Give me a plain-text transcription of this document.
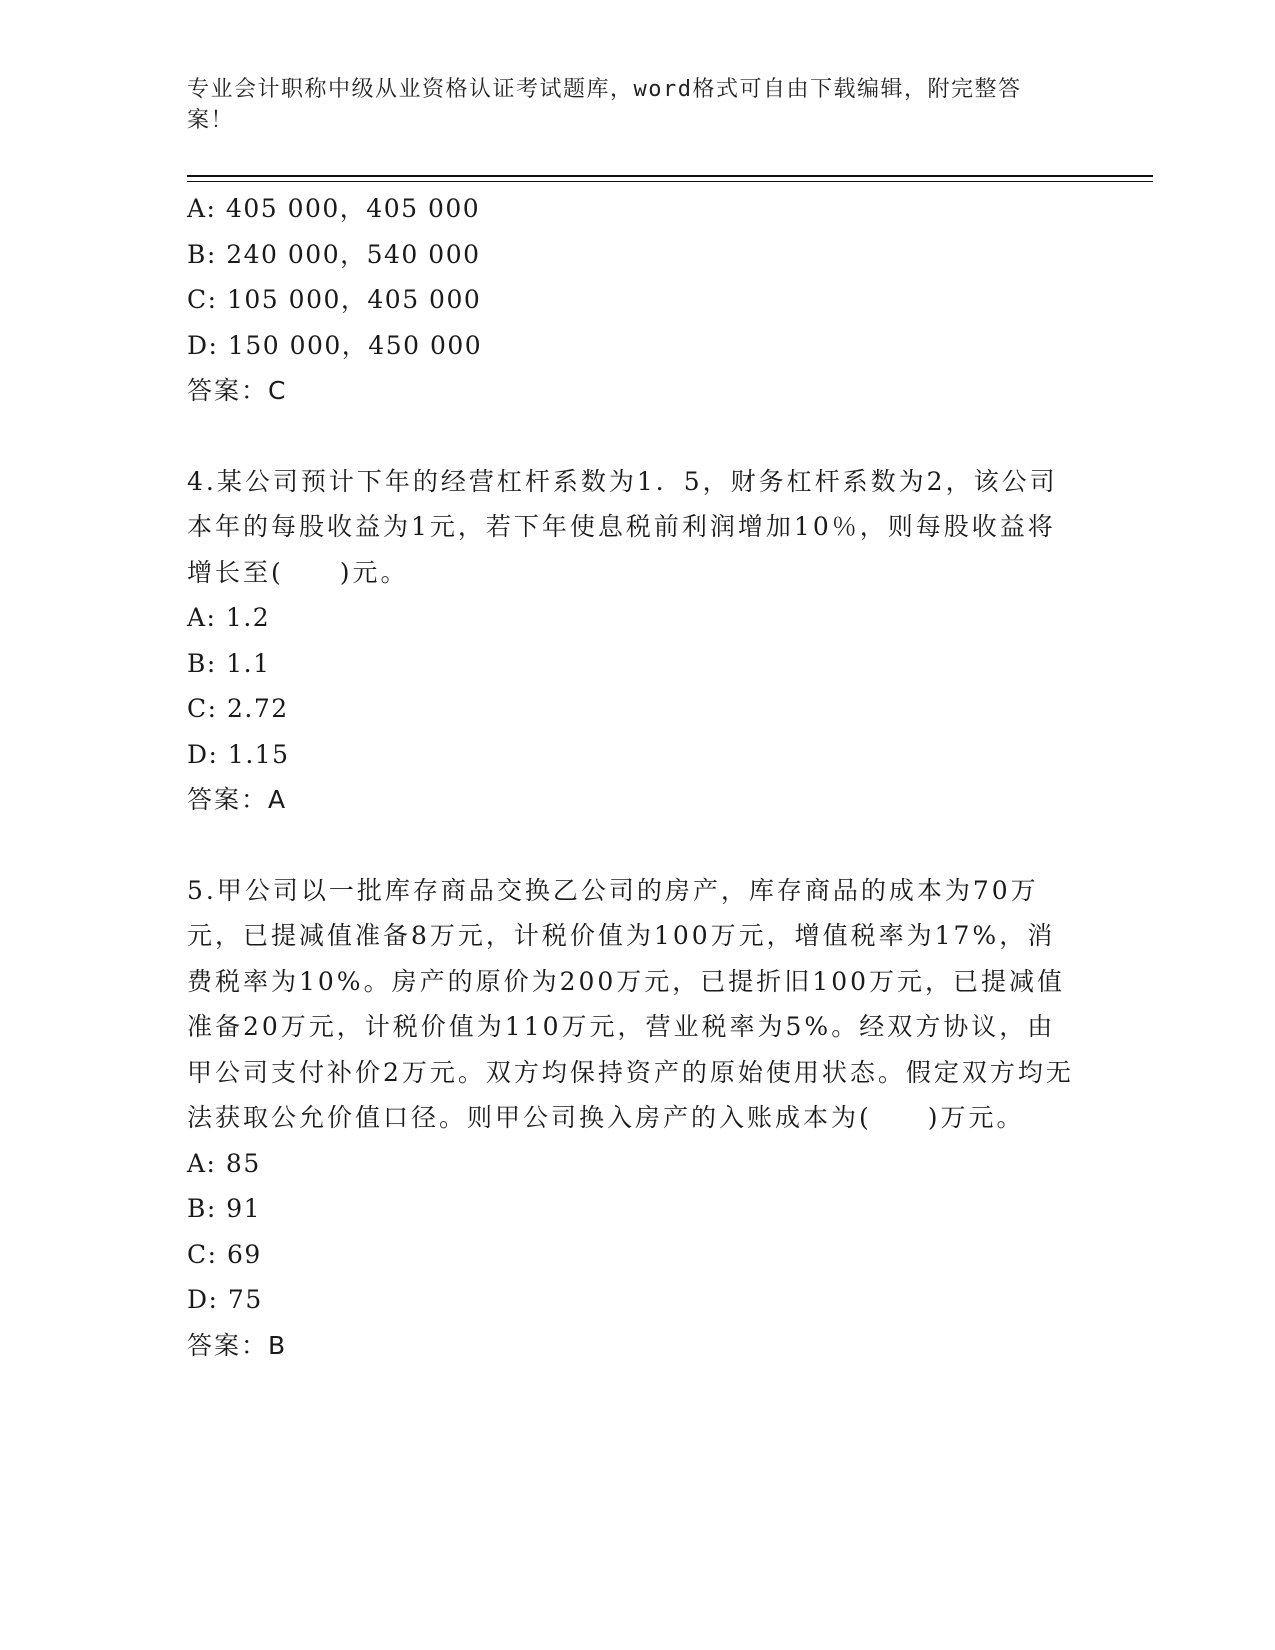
专业会计职称中级从业资格认证考试题库，word格式可自由下载编辑，附完整答案！
A: 405 000，405 000
B: 240 000，540 000
C: 105 000，405 000
D: 150 000，450 000
答案：C
4.某公司预计下年的经营杠杆系数为1．5，财务杠杆系数为2，该公司本年的每股收益为1元，若下年使息税前利润增加10％，则每股收益将增长至(　　)元。
A: 1.2
B: 1.1
C: 2.72
D: 1.15
答案：A
5.甲公司以一批库存商品交换乙公司的房产，库存商品的成本为70万元，已提减值准备8万元，计税价值为100万元，增值税率为17%，消费税率为10%。房产的原价为200万元，已提折旧100万元，已提减值准备20万元，计税价值为110万元，营业税率为5%。经双方协议，由甲公司支付补价2万元。双方均保持资产的原始使用状态。假定双方均无法获取公允价值口径。则甲公司换入房产的入账成本为(　　)万元。
A: 85
B: 91
C: 69
D: 75
答案：B
